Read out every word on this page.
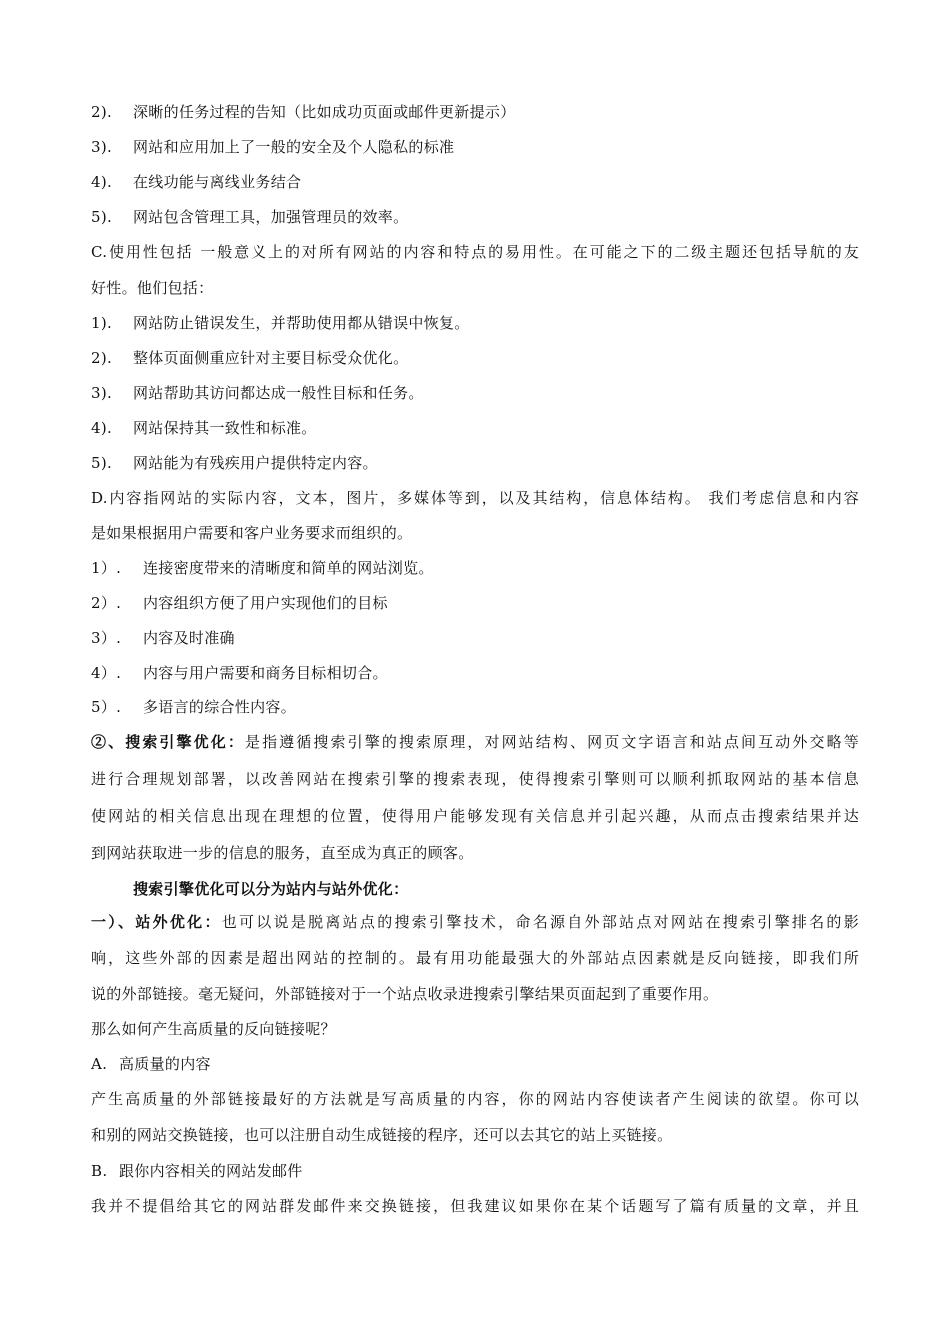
2). 深晰的任务过程的告知（比如成功页面或邮件更新提示）
3). 网站和应用加上了一般的安全及个人隐私的标准
4). 在线功能与离线业务结合
5). 网站包含管理工具，加强管理员的效率。
C.使用性包括 一般意义上的对所有网站的内容和特点的易用性。在可能之下的二级主题还包括导航的友
好性。他们包括：
1). 网站防止错误发生，并帮助使用都从错误中恢复。
2). 整体页面侧重应针对主要目标受众优化。
3). 网站帮助其访问都达成一般性目标和任务。
4). 网站保持其一致性和标准。
5). 网站能为有残疾用户提供特定内容。
D.内容指网站的实际内容，文本，图片，多媒体等到，以及其结构，信息体结构。 我们考虑信息和内容
是如果根据用户需要和客户业务要求而组织的。
1）. 连接密度带来的清晰度和简单的网站浏览。
2）. 内容组织方便了用户实现他们的目标
3）. 内容及时准确
4）. 内容与用户需要和商务目标相切合。
5）. 多语言的综合性内容。
②、搜索引擎优化：是指遵循搜索引擎的搜索原理，对网站结构、网页文字语言和站点间互动外交略等
进行合理规划部署，以改善网站在搜索引擎的搜索表现，使得搜索引擎则可以顺利抓取网站的基本信息
使网站的相关信息出现在理想的位置，使得用户能够发现有关信息并引起兴趣，从而点击搜索结果并达
到网站获取进一步的信息的服务，直至成为真正的顾客。
搜索引擎优化可以分为站内与站外优化：
一）、站外优化：也可以说是脱离站点的搜索引擎技术，命名源自外部站点对网站在搜索引擎排名的影
响，这些外部的因素是超出网站的控制的。最有用功能最强大的外部站点因素就是反向链接，即我们所
说的外部链接。毫无疑问，外部链接对于一个站点收录进搜索引擎结果页面起到了重要作用。
那么如何产生高质量的反向链接呢？
A. 高质量的内容
产生高质量的外部链接最好的方法就是写高质量的内容，你的网站内容使读者产生阅读的欲望。你可以
和别的网站交换链接，也可以注册自动生成链接的程序，还可以去其它的站上买链接。
B. 跟你内容相关的网站发邮件
我并不提倡给其它的网站群发邮件来交换链接，但我建议如果你在某个话题写了篇有质量的文章，并且
